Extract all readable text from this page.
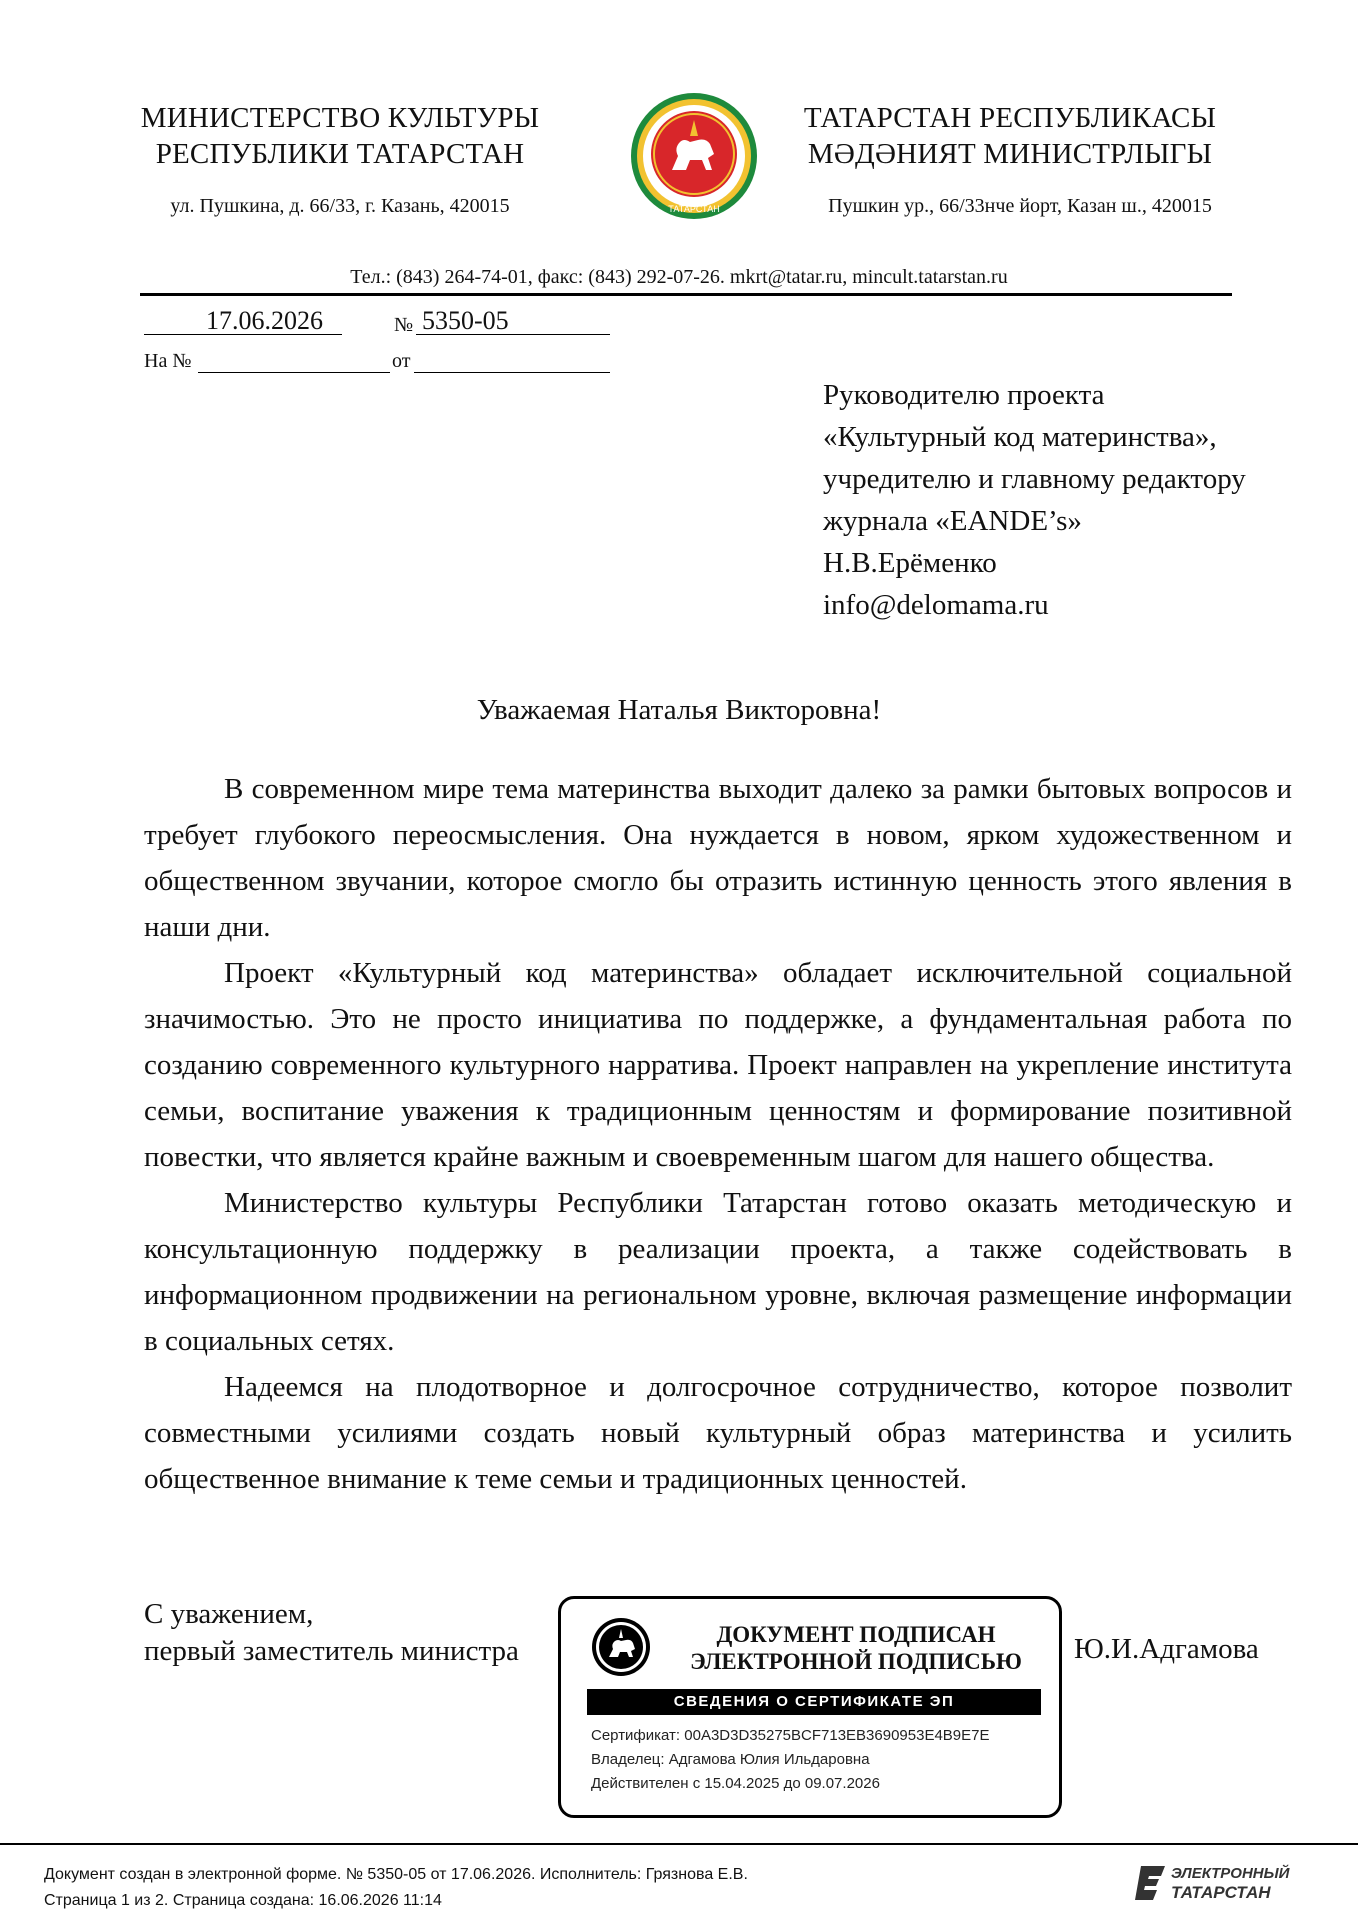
МИНИСТЕРСТВО КУЛЬТУРЫ
РЕСПУБЛИКИ ТАТАРСТАН
ул. Пушкина, д. 66/33, г. Казань, 420015	ТАТАРСТАН
ТАТАРСТАН РЕСПУБЛИКАСЫ
МӘДӘНИЯТ МИНИСТРЛЫГЫ
Пушкин ур., 66/33нче йорт, Казан ш., 420015
Тел.: (843) 264-74-01, факс: (843) 292-07-26. mkrt@tatar.ru, mincult.tatarstan.ru
17.06.2026	№ 5350-05
На №	от
Руководителю проекта
«Культурный код материнства»,
учредителю и главному редактору
журнала «EANDE’s»
Н.В.Ерёменко
info@delomama.ru
Уважаемая Наталья Викторовна!

В современном мире тема материнства выходит далеко за рамки бытовых вопросов и требует глубокого переосмысления. Она нуждается в новом, ярком художественном и общественном звучании, которое смогло бы отразить истинную ценность этого явления в наши дни.

Проект «Культурный код материнства» обладает исключительной социальной значимостью. Это не просто инициатива по поддержке, а фундаментальная работа по созданию современного культурного нарратива. Проект направлен на укрепление института семьи, воспитание уважения к традиционным ценностям и формирование позитивной повестки, что является крайне важным и своевременным шагом для нашего общества.

Министерство культуры Республики Татарстан готово оказать методическую и консультационную поддержку в реализации проекта, а также содействовать в информационном продвижении на региональном уровне, включая размещение информации в социальных сетях.

Надеемся на плодотворное и долгосрочное сотрудничество, которое позволит совместными усилиями создать новый культурный образ материнства и усилить общественное внимание к теме семьи и традиционных ценностей.

С уважением,
первый заместитель министра	Ю.И.Адгамова
ДОКУМЕНТ ПОДПИСАН
ЭЛЕКТРОННОЙ ПОДПИСЬЮ
СВЕДЕНИЯ О СЕРТИФИКАТЕ ЭП
Сертификат: 00A3D3D35275BCF713EB3690953E4B9E7E
Владелец: Адгамова Юлия Ильдаровна
Действителен с 15.04.2025 до 09.07.2026
Документ создан в электронной форме. № 5350-05 от 17.06.2026. Исполнитель: Грязнова Е.В.
Страница 1 из 2. Страница создана: 16.06.2026 11:14
ЭЛЕКТРОННЫЙ
ТАТАРСТАН
